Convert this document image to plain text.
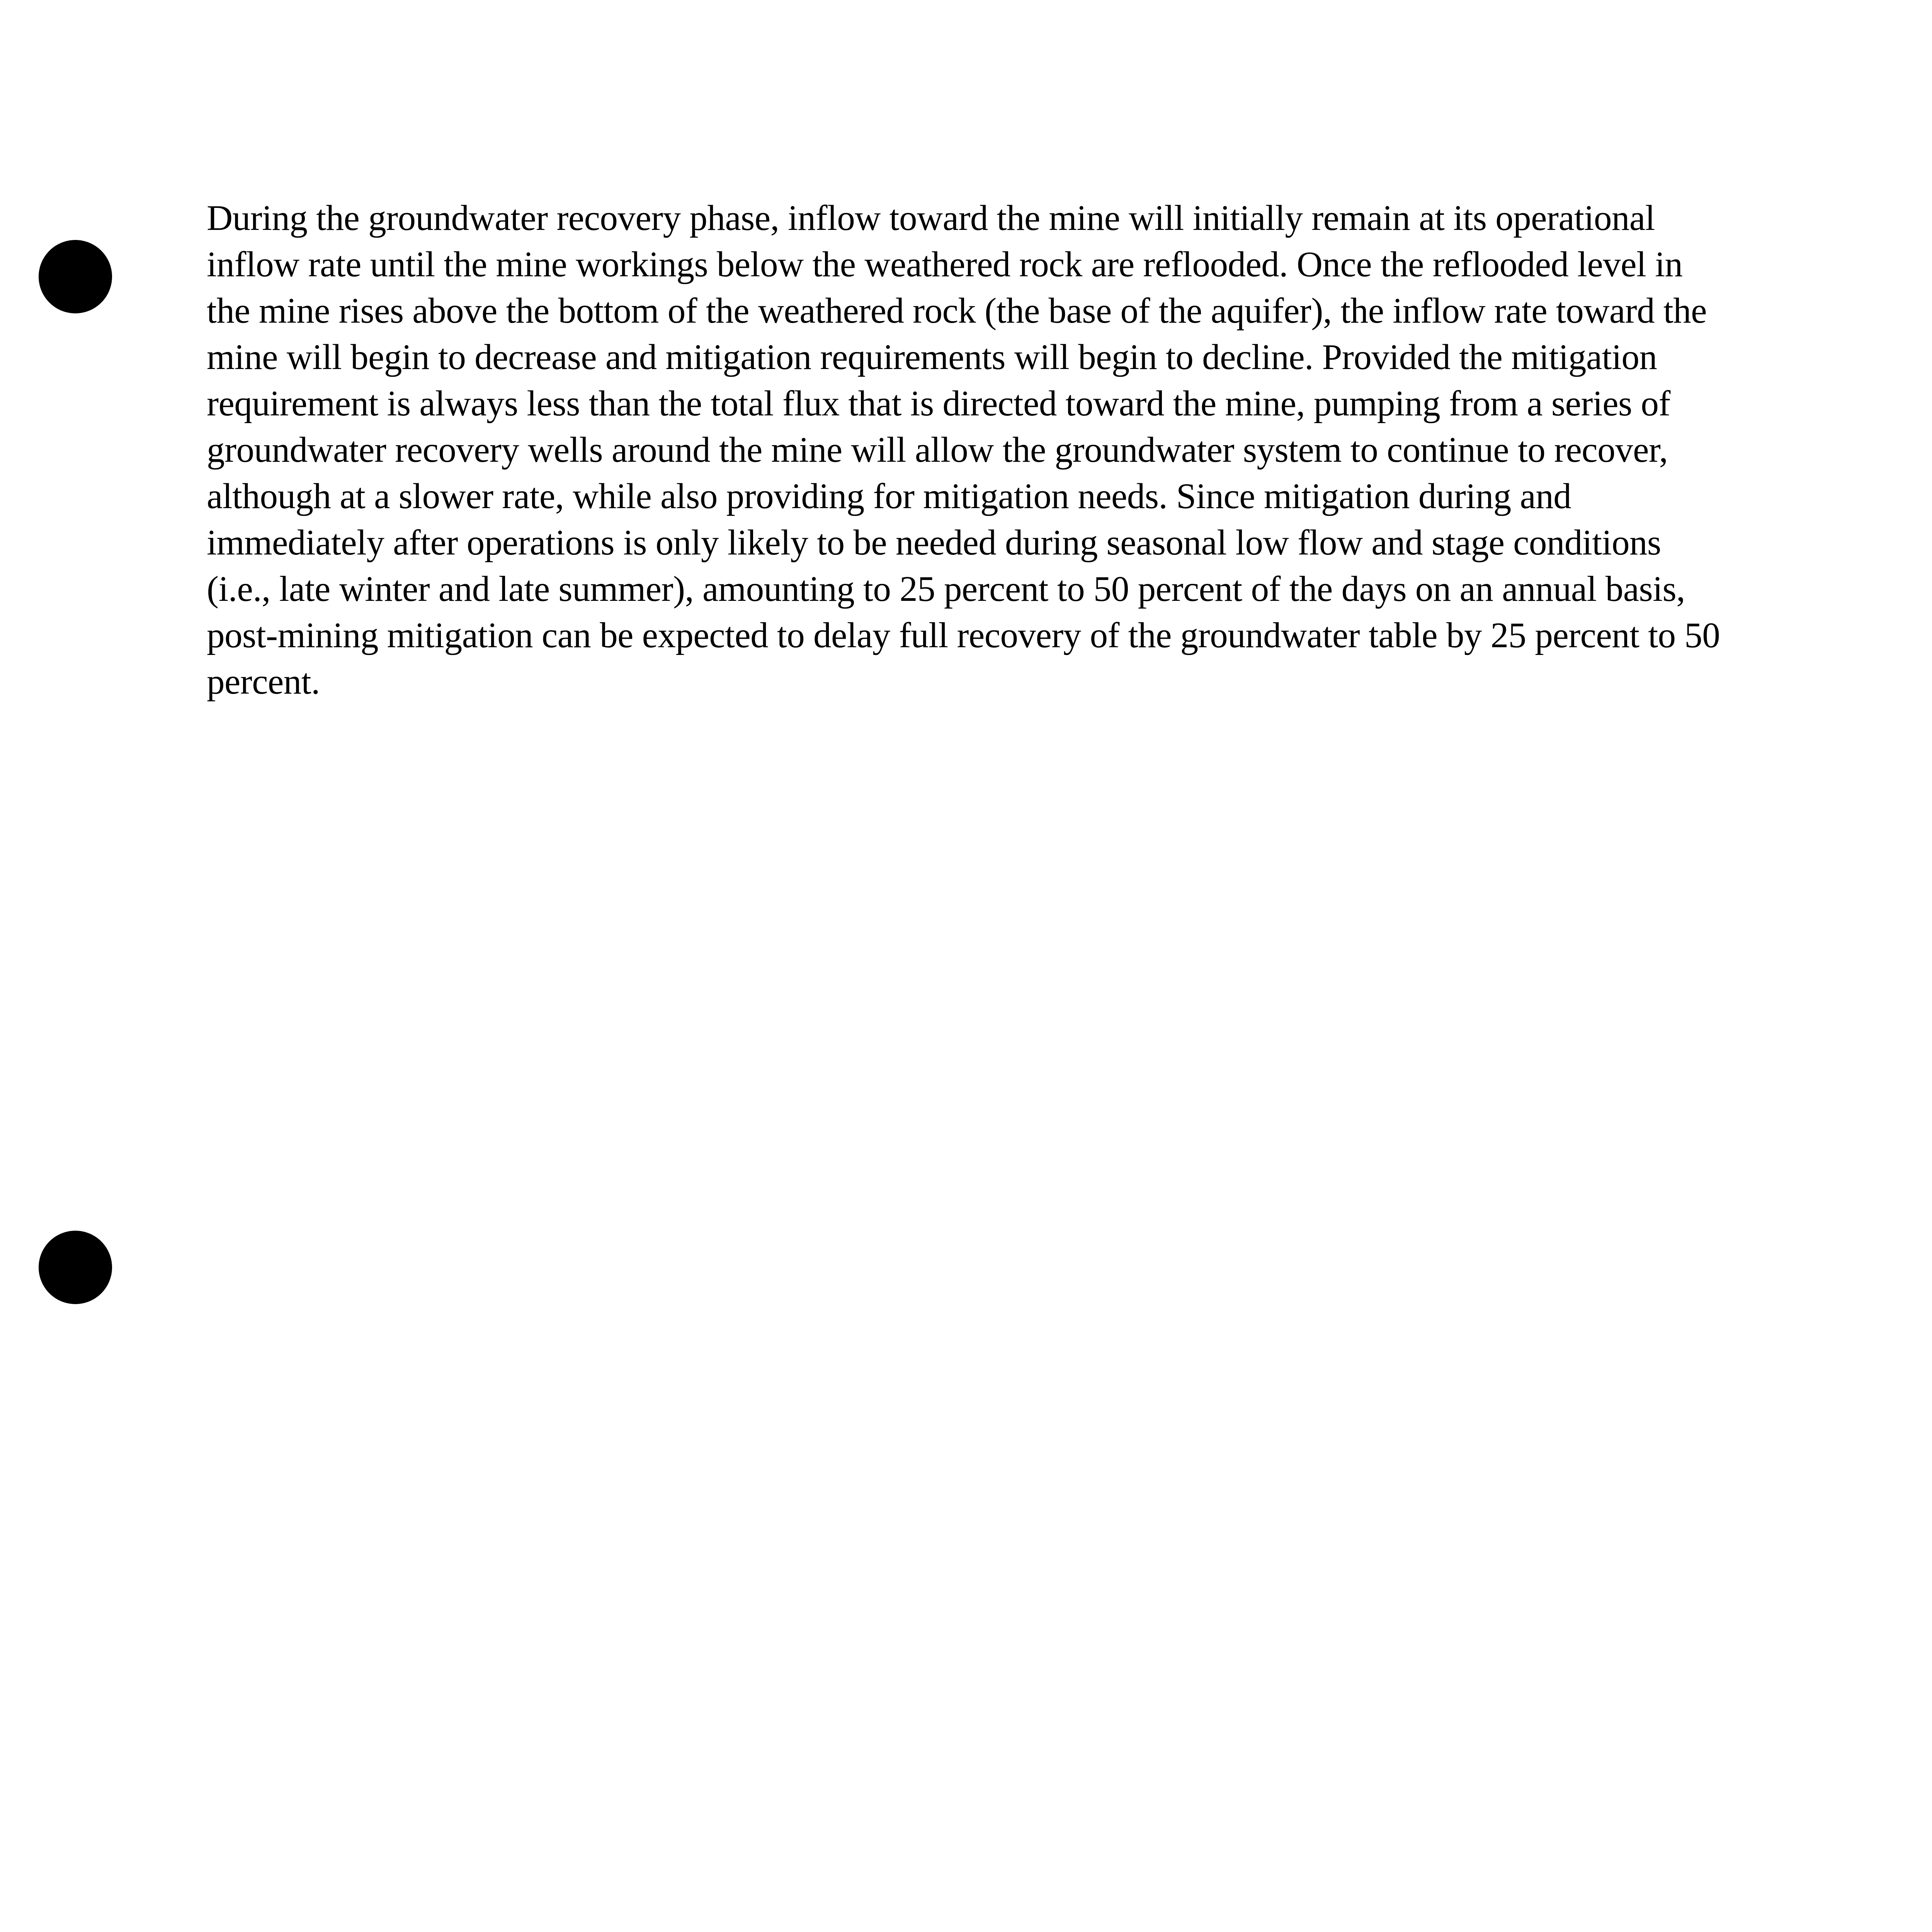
During the groundwater recovery phase, inflow toward the mine will initially remain at its operational inflow rate until the mine workings below the weathered rock are reflooded. Once the reflooded level in the mine rises above the bottom of the weathered rock (the base of the aquifer), the inflow rate toward the mine will begin to decrease and mitigation requirements will begin to decline. Provided the mitigation requirement is always less than the total flux that is directed toward the mine, pumping from a series of groundwater recovery wells around the mine will allow the groundwater system to continue to recover, although at a slower rate, while also providing for mitigation needs. Since mitigation during and immediately after operations is only likely to be needed during seasonal low flow and stage conditions (i.e., late winter and late summer), amounting to 25 percent to 50 percent of the days on an annual basis, post-mining mitigation can be expected to delay full recovery of the groundwater table by 25 percent to 50 percent.
